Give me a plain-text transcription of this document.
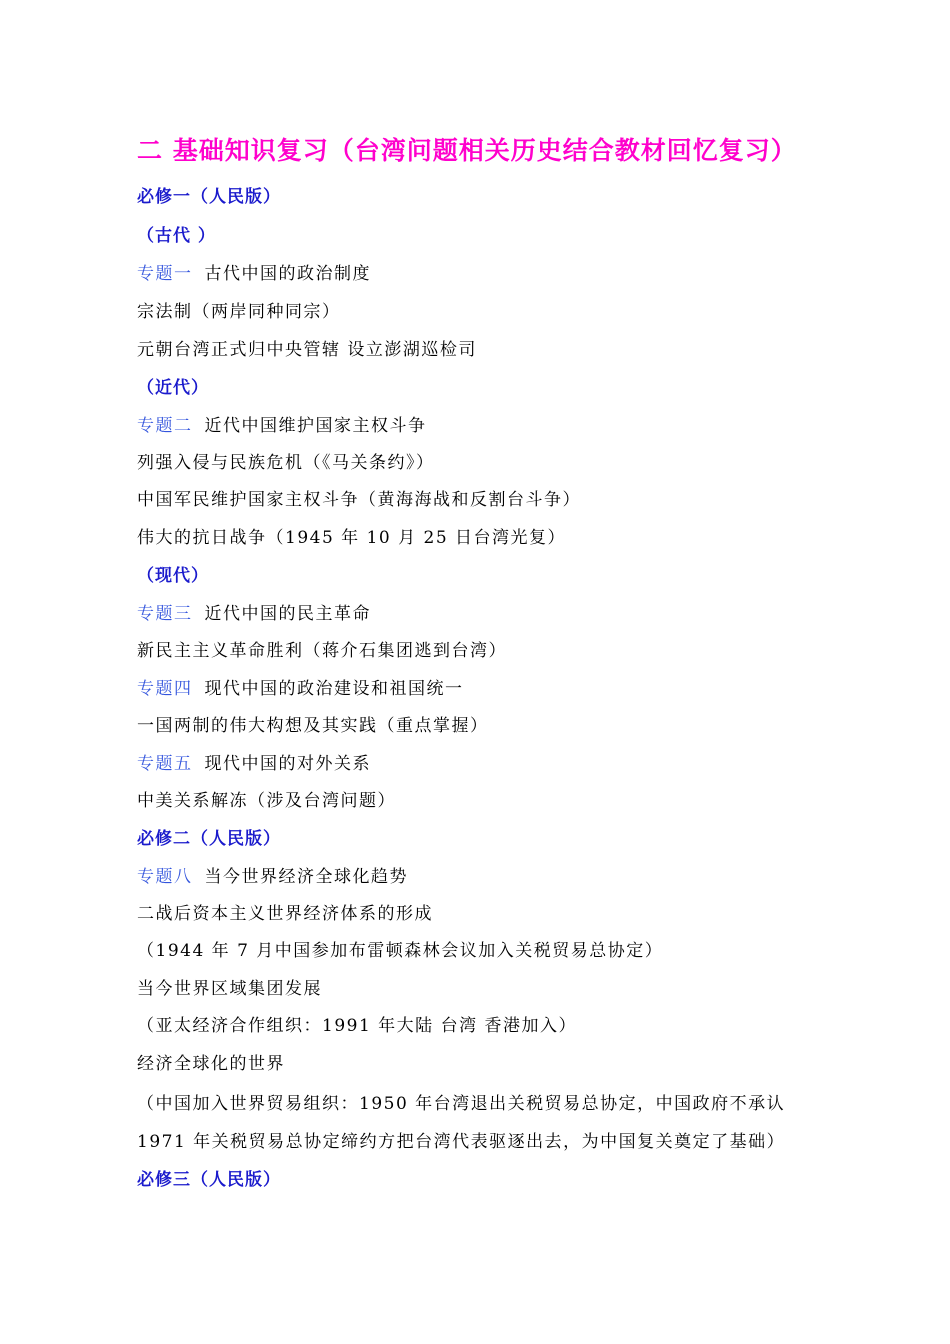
二 基础知识复习（台湾问题相关历史结合教材回忆复习）
必修一（人民版）
（古代 ）
专题一 古代中国的政治制度
宗法制（两岸同种同宗）
元朝台湾正式归中央管辖 设立澎湖巡检司
（近代）
专题二 近代中国维护国家主权斗争
列强入侵与民族危机（《马关条约》）
中国军民维护国家主权斗争（黄海海战和反割台斗争）
伟大的抗日战争（1945 年 10 月 25 日台湾光复）
（现代）
专题三 近代中国的民主革命
新民主主义革命胜利（蒋介石集团逃到台湾）
专题四 现代中国的政治建设和祖国统一
一国两制的伟大构想及其实践（重点掌握）
专题五 现代中国的对外关系
中美关系解冻（涉及台湾问题）
必修二（人民版）
专题八 当今世界经济全球化趋势
二战后资本主义世界经济体系的形成
（1944 年 7 月中国参加布雷顿森林会议加入关税贸易总协定）
当今世界区域集团发展
（亚太经济合作组织：1991 年大陆 台湾 香港加入）
经济全球化的世界
（中国加入世界贸易组织：1950 年台湾退出关税贸易总协定，中国政府不承认
1971 年关税贸易总协定缔约方把台湾代表驱逐出去，为中国复关奠定了基础）
必修三（人民版）
